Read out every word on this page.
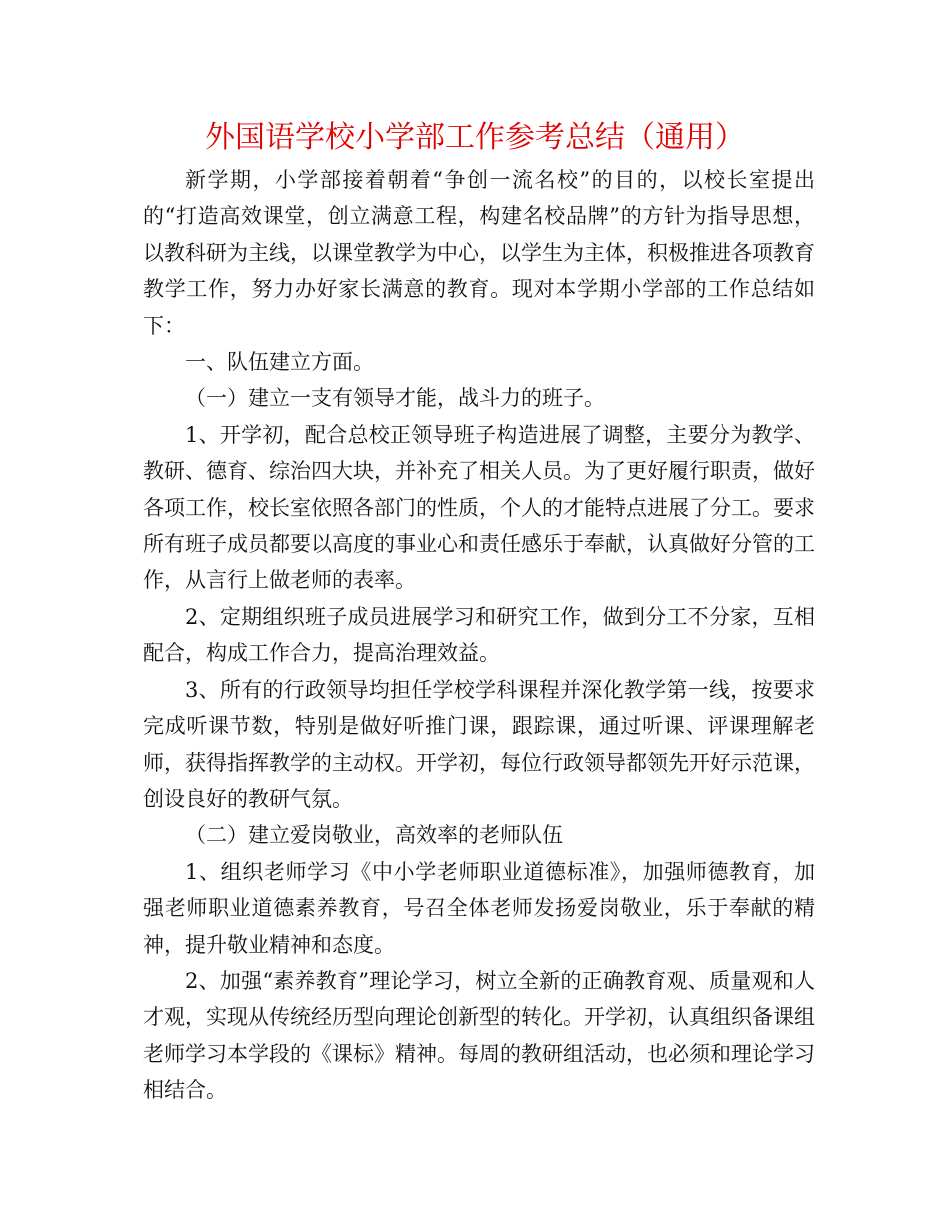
外国语学校小学部工作参考总结（通用）

新学期，小学部接着朝着“争创一流名校”的目的，以校长室提出的“打造高效课堂，创立满意工程，构建名校品牌”的方针为指导思想，以教科研为主线，以课堂教学为中心，以学生为主体，积极推进各项教育教学工作，努力办好家长满意的教育。现对本学期小学部的工作总结如下：

一、队伍建立方面。

（一）建立一支有领导才能，战斗力的班子。

1、开学初，配合总校正领导班子构造进展了调整，主要分为教学、教研、德育、综治四大块，并补充了相关人员。为了更好履行职责，做好各项工作，校长室依照各部门的性质，个人的才能特点进展了分工。要求所有班子成员都要以高度的事业心和责任感乐于奉献，认真做好分管的工作，从言行上做老师的表率。

2、定期组织班子成员进展学习和研究工作，做到分工不分家，互相配合，构成工作合力，提高治理效益。

3、所有的行政领导均担任学校学科课程并深化教学第一线，按要求完成听课节数，特别是做好听推门课，跟踪课，通过听课、评课理解老师，获得指挥教学的主动权。开学初，每位行政领导都领先开好示范课，创设良好的教研气氛。

（二）建立爱岗敬业，高效率的老师队伍

1、组织老师学习《中小学老师职业道德标准》，加强师德教育，加强老师职业道德素养教育，号召全体老师发扬爱岗敬业，乐于奉献的精神，提升敬业精神和态度。

2、加强“素养教育”理论学习，树立全新的正确教育观、质量观和人才观，实现从传统经历型向理论创新型的转化。开学初，认真组织备课组老师学习本学段的《课标》精神。每周的教研组活动，也必须和理论学习相结合。
